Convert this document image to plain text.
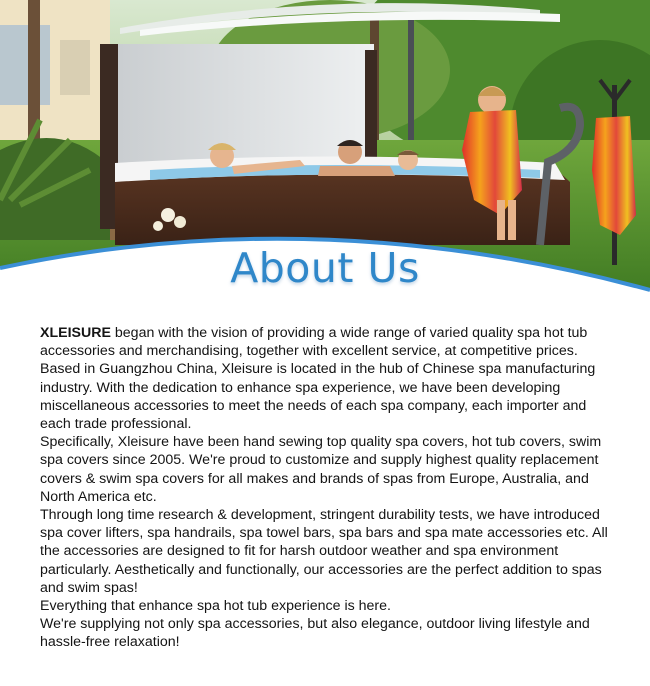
About Us

XLEISURE began with the vision of providing a wide range of varied quality spa hot tub accessories and merchandising, together with excellent service, at competitive prices.

Based in Guangzhou China, Xleisure is located in the hub of Chinese spa manufacturing industry. With the dedication to enhance spa experience, we have been developing miscellaneous accessories to meet the needs of each spa company, each importer and each trade professional.

Specifically, Xleisure have been hand sewing top quality spa covers, hot tub covers, swim spa covers since 2005. We're proud to customize and supply highest quality replacement covers & swim spa covers for all makes and brands of spas from Europe, Australia, and North America etc.

Through long time research & development, stringent durability tests, we have introduced spa cover lifters, spa handrails, spa towel bars, spa bars and spa mate accessories etc. All the accessories are designed to fit for harsh outdoor weather and spa environment particularly. Aesthetically and functionally, our accessories are the perfect addition to spas and swim spas!

Everything that enhance spa hot tub experience is here.

We're supplying not only spa accessories, but also elegance, outdoor living lifestyle and hassle-free relaxation!
